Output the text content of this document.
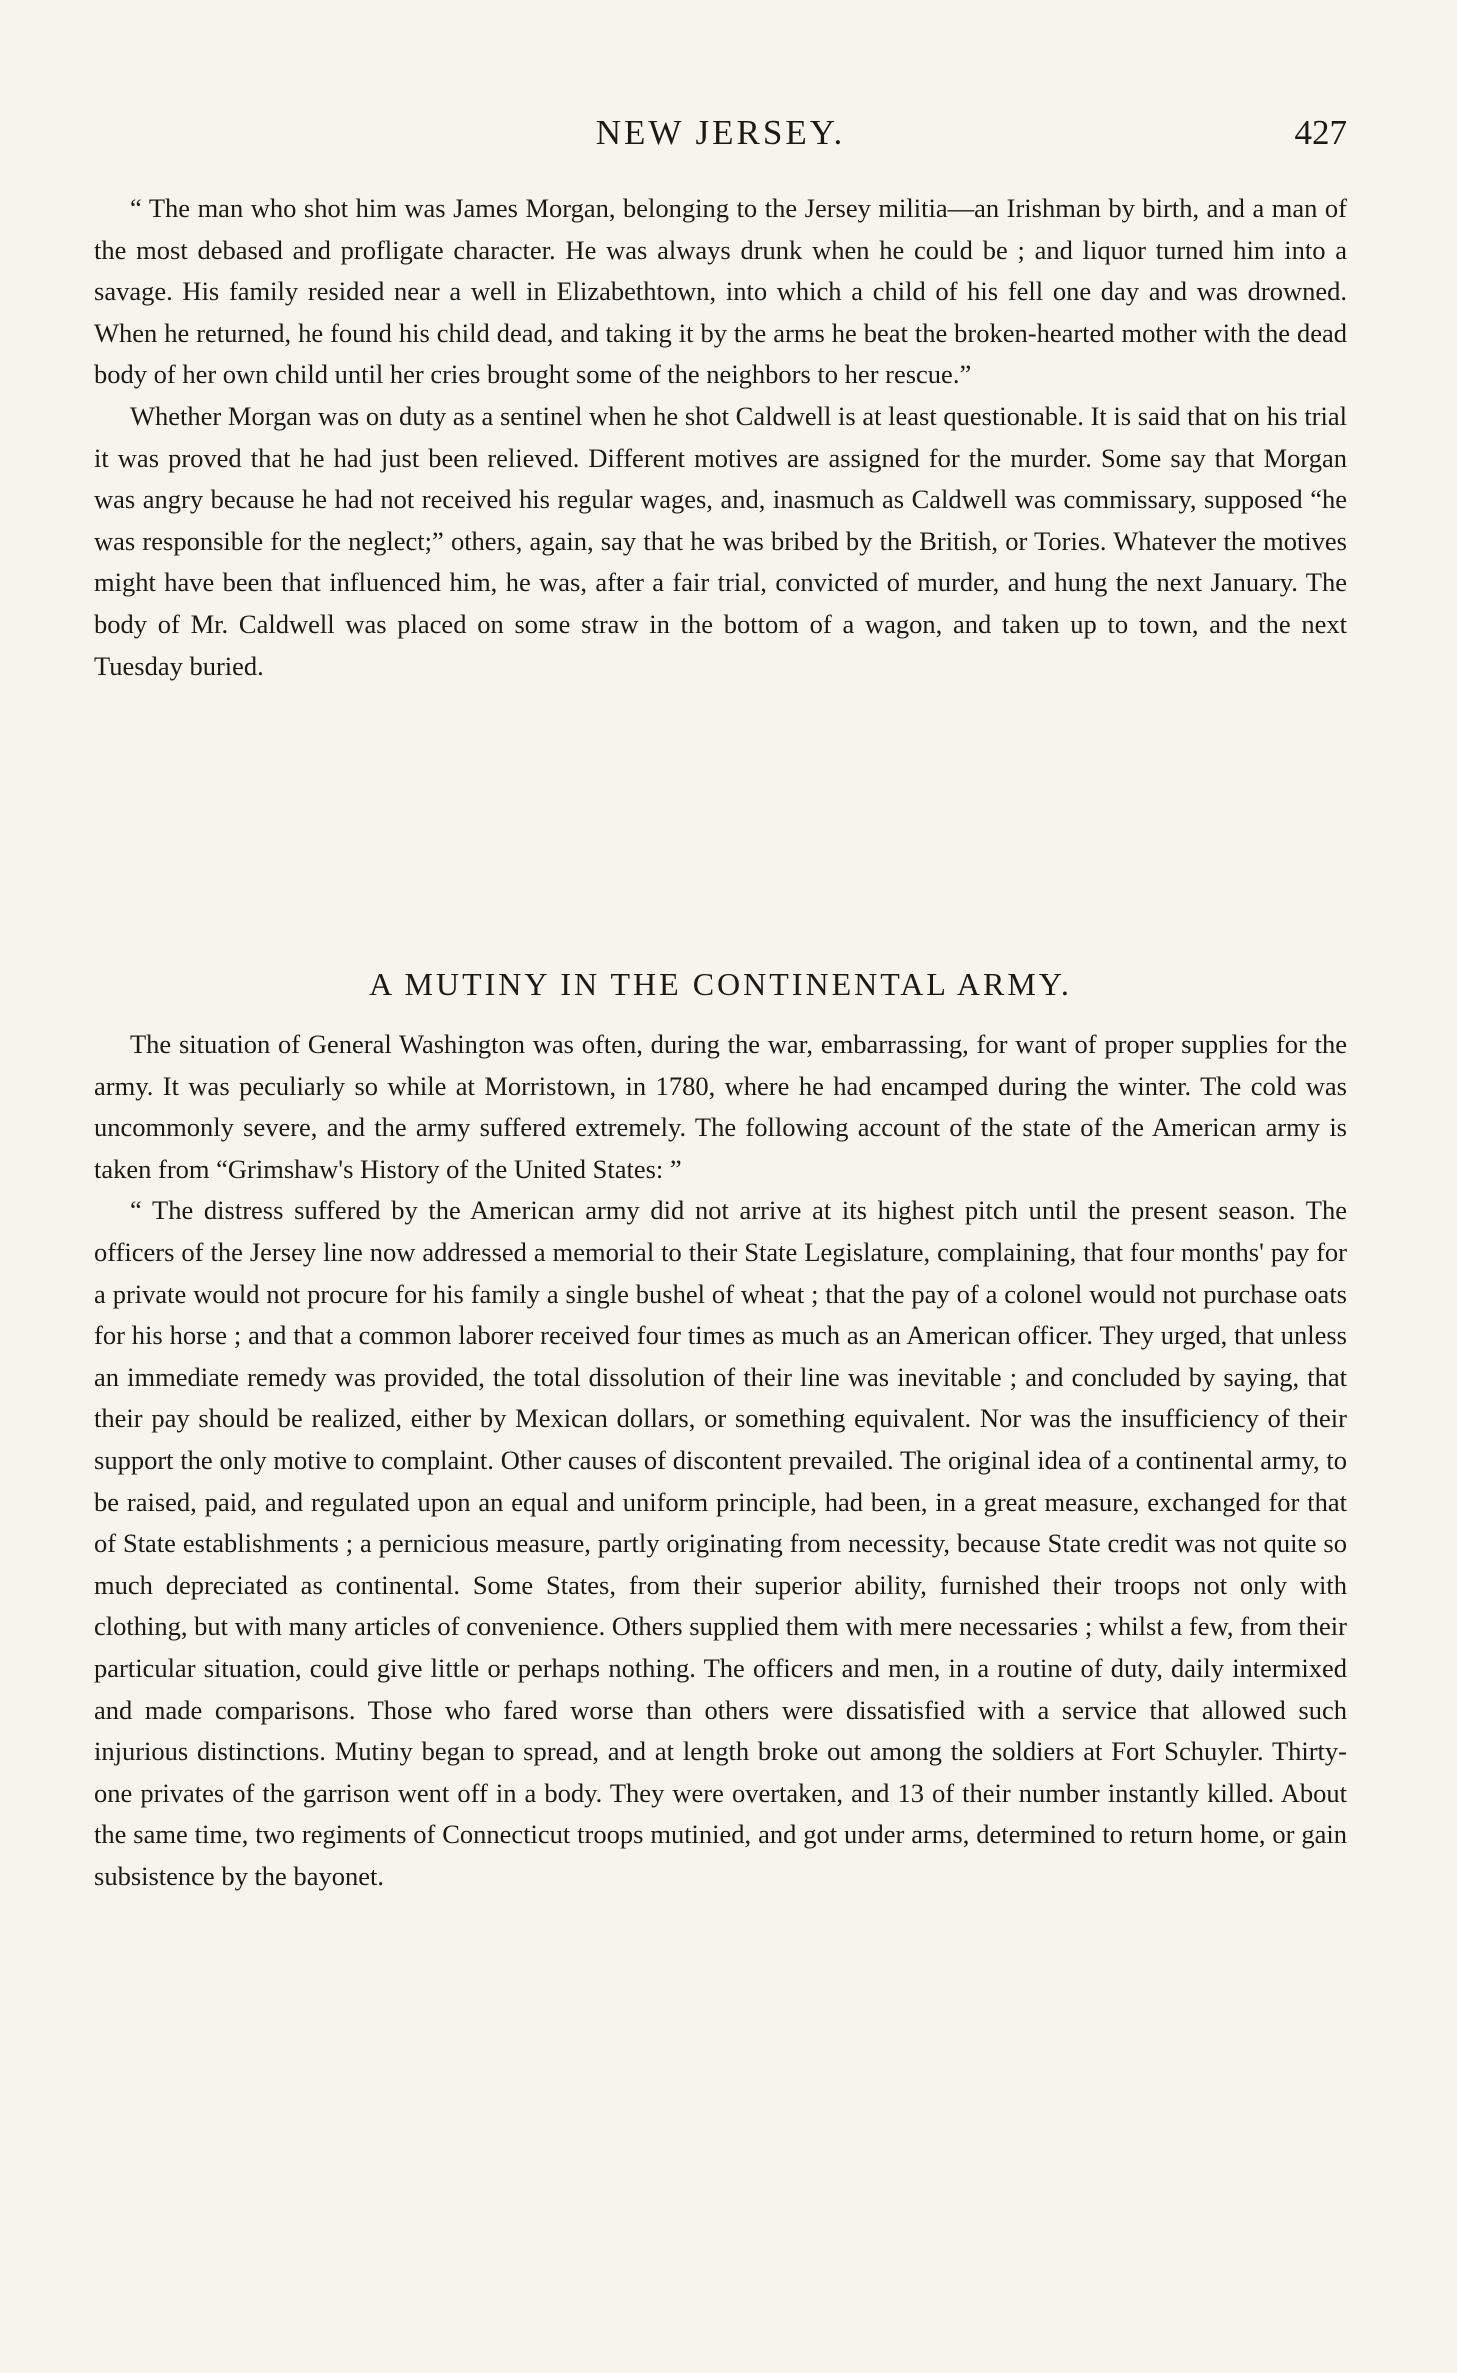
NEW JERSEY.	427

“ The man who shot him was James Morgan, belonging to the Jersey militia—an Irishman by birth, and a man of the most debased and profligate character. He was always drunk when he could be ; and liquor turned him into a savage. His family resided near a well in Elizabethtown, into which a child of his fell one day and was drowned. When he returned, he found his child dead, and taking it by the arms he beat the broken-hearted mother with the dead body of her own child until her cries brought some of the neighbors to her rescue.”

Whether Morgan was on duty as a sentinel when he shot Caldwell is at least questionable. It is said that on his trial it was proved that he had just been relieved. Different motives are assigned for the murder. Some say that Morgan was angry because he had not received his regular wages, and, inasmuch as Caldwell was commissary, supposed “he was responsible for the neglect;” others, again, say that he was bribed by the British, or Tories. Whatever the motives might have been that influenced him, he was, after a fair trial, convicted of murder, and hung the next January. The body of Mr. Caldwell was placed on some straw in the bottom of a wagon, and taken up to town, and the next Tuesday buried.

A MUTINY IN THE CONTINENTAL ARMY.

The situation of General Washington was often, during the war, embarrassing, for want of proper supplies for the army. It was peculiarly so while at Morristown, in 1780, where he had encamped during the winter. The cold was uncommonly severe, and the army suffered extremely. The following account of the state of the American army is taken from “Grimshaw's History of the United States: ”

“ The distress suffered by the American army did not arrive at its highest pitch until the present season. The officers of the Jersey line now addressed a memorial to their State Legislature, complaining, that four months' pay for a private would not procure for his family a single bushel of wheat ; that the pay of a colonel would not purchase oats for his horse ; and that a common laborer received four times as much as an American officer. They urged, that unless an immediate remedy was provided, the total dissolution of their line was inevitable ; and concluded by saying, that their pay should be realized, either by Mexican dollars, or something equivalent. Nor was the insufficiency of their support the only motive to complaint. Other causes of discontent prevailed. The original idea of a continental army, to be raised, paid, and regulated upon an equal and uniform principle, had been, in a great measure, exchanged for that of State establishments ; a pernicious measure, partly originating from necessity, because State credit was not quite so much depreciated as continental. Some States, from their superior ability, furnished their troops not only with clothing, but with many articles of convenience. Others supplied them with mere necessaries ; whilst a few, from their particular situation, could give little or perhaps nothing. The officers and men, in a routine of duty, daily intermixed and made comparisons. Those who fared worse than others were dissatisfied with a service that allowed such injurious distinctions. Mutiny began to spread, and at length broke out among the soldiers at Fort Schuyler. Thirty-one privates of the garrison went off in a body. They were overtaken, and 13 of their number instantly killed. About the same time, two regiments of Connecticut troops mutinied, and got under arms, determined to return home, or gain subsistence by the bayonet.
